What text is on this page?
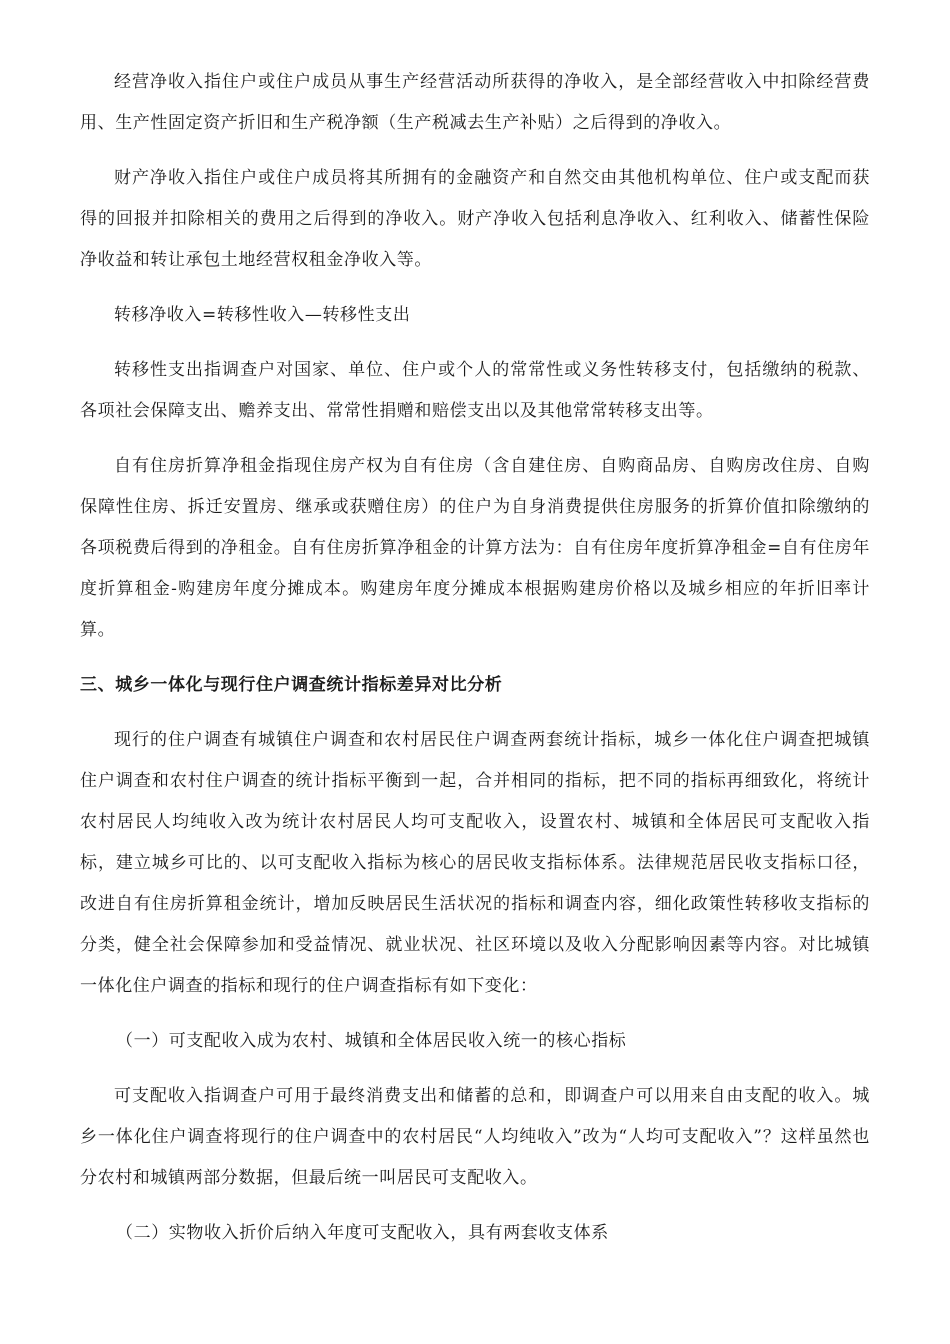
经营净收入指住户或住户成员从事生产经营活动所获得的净收入，是全部经营收入中扣除经营费用、生产性固定资产折旧和生产税净额（生产税减去生产补贴）之后得到的净收入。

财产净收入指住户或住户成员将其所拥有的金融资产和自然交由其他机构单位、住户或支配而获得的回报并扣除相关的费用之后得到的净收入。财产净收入包括利息净收入、红利收入、储蓄性保险净收益和转让承包土地经营权租金净收入等。

转移净收入=转移性收入—转移性支出

转移性支出指调查户对国家、单位、住户或个人的常常性或义务性转移支付，包括缴纳的税款、各项社会保障支出、赡养支出、常常性捐赠和赔偿支出以及其他常常转移支出等。

自有住房折算净租金指现住房产权为自有住房（含自建住房、自购商品房、自购房改住房、自购保障性住房、拆迁安置房、继承或获赠住房）的住户为自身消费提供住房服务的折算价值扣除缴纳的各项税费后得到的净租金。自有住房折算净租金的计算方法为：自有住房年度折算净租金=自有住房年度折算租金-购建房年度分摊成本。购建房年度分摊成本根据购建房价格以及城乡相应的年折旧率计算。

三、城乡一体化与现行住户调查统计指标差异对比分析

现行的住户调查有城镇住户调查和农村居民住户调查两套统计指标，城乡一体化住户调查把城镇住户调查和农村住户调查的统计指标平衡到一起，合并相同的指标，把不同的指标再细致化，将统计农村居民人均纯收入改为统计农村居民人均可支配收入，设置农村、城镇和全体居民可支配收入指标，建立城乡可比的、以可支配收入指标为核心的居民收支指标体系。法律规范居民收支指标口径，改进自有住房折算租金统计，增加反映居民生活状况的指标和调查内容，细化政策性转移收支指标的分类，健全社会保障参加和受益情况、就业状况、社区环境以及收入分配影响因素等内容。对比城镇一体化住户调查的指标和现行的住户调查指标有如下变化：

（一）可支配收入成为农村、城镇和全体居民收入统一的核心指标

可支配收入指调查户可用于最终消费支出和储蓄的总和，即调查户可以用来自由支配的收入。城乡一体化住户调查将现行的住户调查中的农村居民“人均纯收入”改为“人均可支配收入”？这样虽然也分农村和城镇两部分数据，但最后统一叫居民可支配收入。

（二）实物收入折价后纳入年度可支配收入，具有两套收支体系
